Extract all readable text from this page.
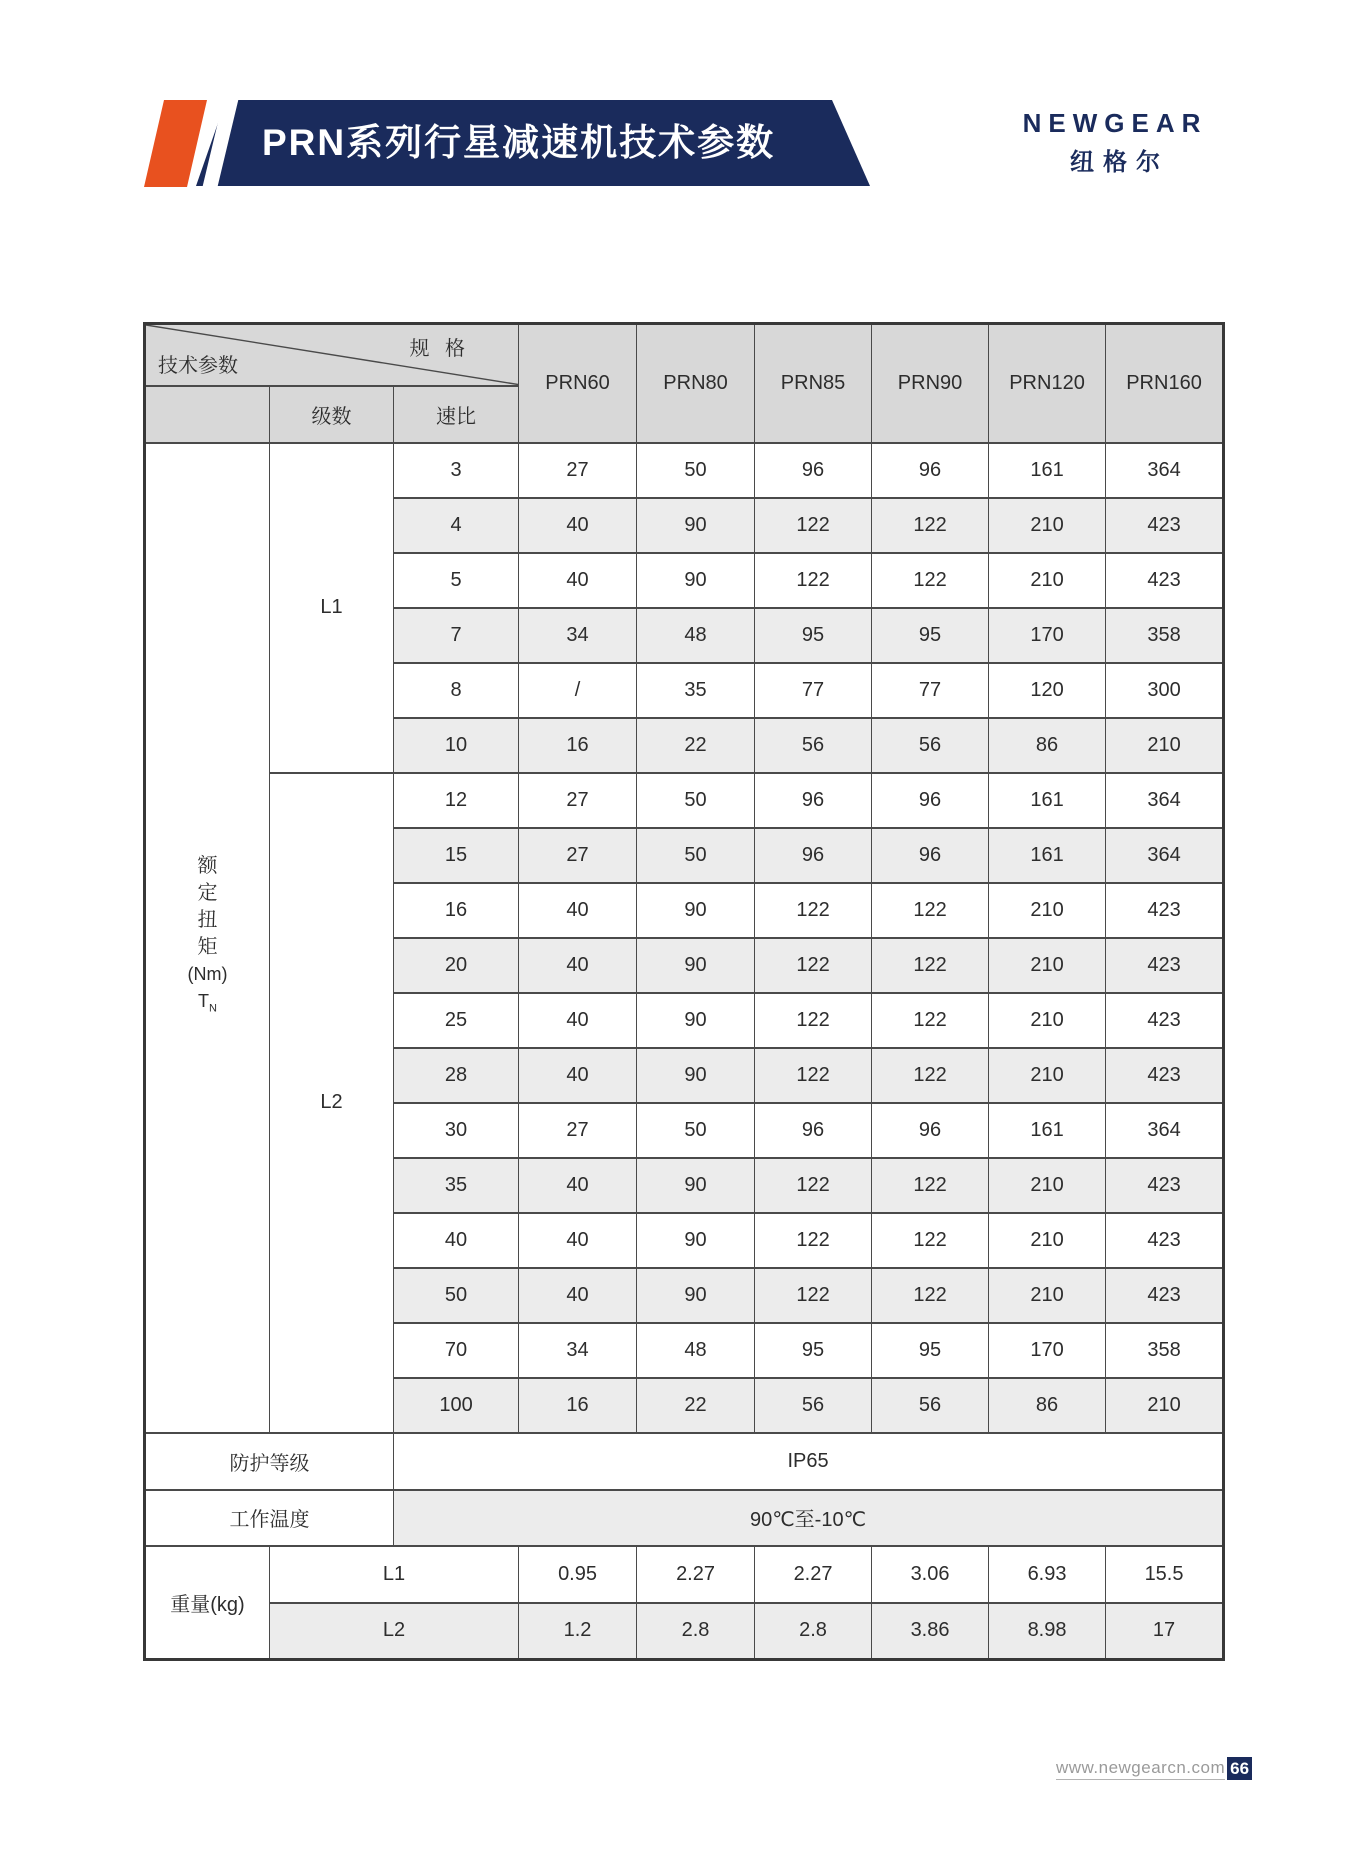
PRN系列行星减速机技术参数	NEWGEAR
纽格尔
规 格
技术参数			PRN60	PRN80	PRN85	PRN90	PRN120	PRN160
	级数	速比						

额
定
扭
矩
(Nm)
$T_N$
	L1	3	27	50	96	96	161	364
		4	40	90	122	122	210	423
		5	40	90	122	122	210	423
		7	34	48	95	95	170	358
		8	/	35	77	77	120	300
		10	16	22	56	56	86	210
	L2	12	27	50	96	96	161	364
		15	27	50	96	96	161	364
		16	40	90	122	122	210	423
		20	40	90	122	122	210	423
		25	40	90	122	122	210	423
		28	40	90	122	122	210	423
		30	27	50	96	96	161	364
		35	40	90	122	122	210	423
		40	40	90	122	122	210	423
		50	40	90	122	122	210	423
		70	34	48	95	95	170	358
		100	16	22	56	56	86	210
防护等级		IP65						
工作温度		90℃至-10℃						
重量(kg)	L1		0.95	2.27	2.27	3.06	6.93	15.5
	L2		1.2	2.8	2.8	3.86	8.98	17
www.newgearcn.com 66
